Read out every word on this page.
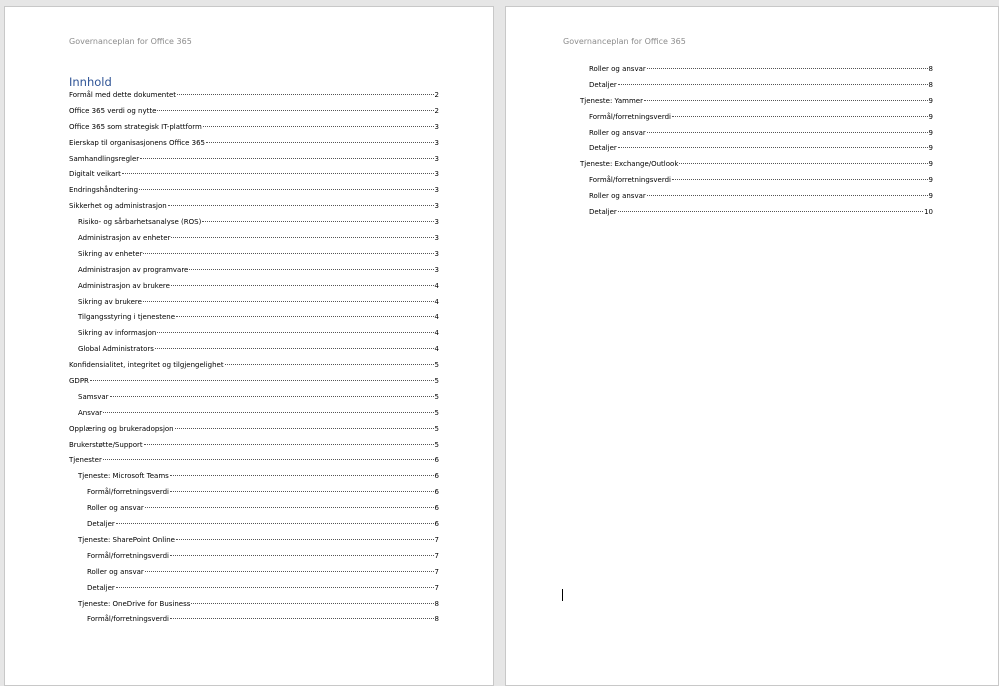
Governanceplan for Office 365
Innhold
Formål med dette dokumentet	2
Office 365 verdi og nytte	2
Office 365 som strategisk IT-plattform	3
Eierskap til organisasjonens Office 365	3
Samhandlingsregler	3
Digitalt veikart	3
Endringshåndtering	3
Sikkerhet og administrasjon	3
Risiko- og sårbarhetsanalyse (ROS)	3
Administrasjon av enheter	3
Sikring av enheter	3
Administrasjon av programvare	3
Administrasjon av brukere	4
Sikring av brukere	4
Tilgangsstyring i tjenestene	4
Sikring av informasjon	4
Global Administrators	4
Konfidensialitet, integritet og tilgjengelighet	5
GDPR	5
Samsvar	5
Ansvar	5
Opplæring og brukeradopsjon	5
Brukerstøtte/Support	5
Tjenester	6
Tjeneste: Microsoft Teams	6
Formål/forretningsverdi	6
Roller og ansvar	6
Detaljer	6
Tjeneste: SharePoint Online	7
Formål/forretningsverdi	7
Roller og ansvar	7
Detaljer	7
Tjeneste: OneDrive for Business	8
Formål/forretningsverdi	8
Governanceplan for Office 365
Roller og ansvar	8
Detaljer	8
Tjeneste: Yammer	9
Formål/forretningsverdi	9
Roller og ansvar	9
Detaljer	9
Tjeneste: Exchange/Outlook	9
Formål/forretningsverdi	9
Roller og ansvar	9
Detaljer	10
